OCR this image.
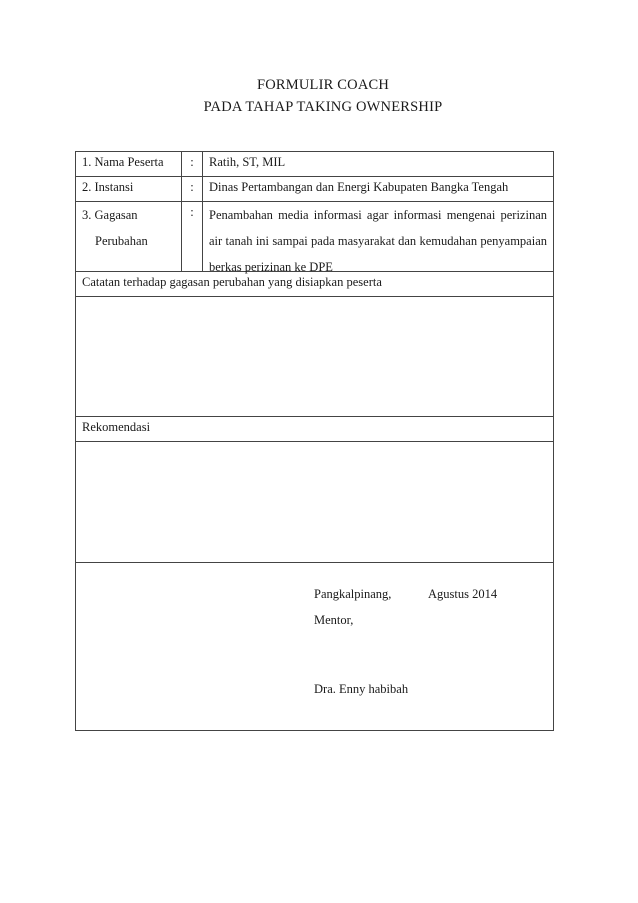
FORMULIR COACH
PADA TAHAP TAKING OWNERSHIP
1. Nama Peserta	:	Ratih, ST, MIL
2. Instansi	:	Dinas Pertambangan dan Energi Kabupaten Bangka Tengah
3. Gagasan
Perubahan
:	Penambahan media informasi agar informasi mengenai perizinan air tanah ini sampai pada masyarakat dan kemudahan penyampaian berkas perizinan ke DPE
Catatan terhadap gagasan perubahan yang disiapkan peserta
Rekomendasi
Pangkalpinang,	Agustus 2014
Mentor,
Dra. Enny habibah
